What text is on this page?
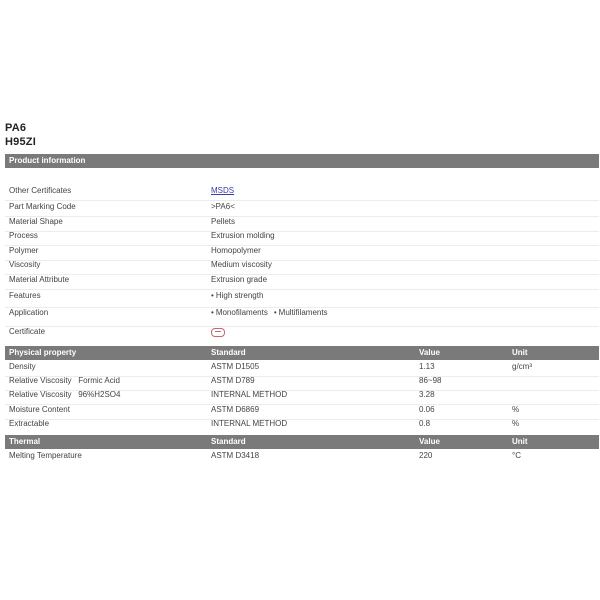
PA6
H95ZI
Product information
Other Certificates	MSDS
Part Marking Code	>PA6<
Material Shape	Pellets
Process	Extrusion molding
Polymer	Homopolymer
Viscosity	Medium viscosity
Material Attribute	Extrusion grade
Features	• High strength
Application	• Monofilaments • Multifilaments
Certificate
Physical property	Standard	Value	Unit
Density	ASTM D1505	1.13	g/cm³
Relative Viscosity   Formic Acid	ASTM D789	86~98
Relative Viscosity   96%H2SO4	INTERNAL METHOD	3.28
Moisture Content	ASTM D6869	0.06	%
Extractable	INTERNAL METHOD	0.8	%
Thermal	Standard	Value	Unit
Melting Temperature	ASTM D3418	220	°C
